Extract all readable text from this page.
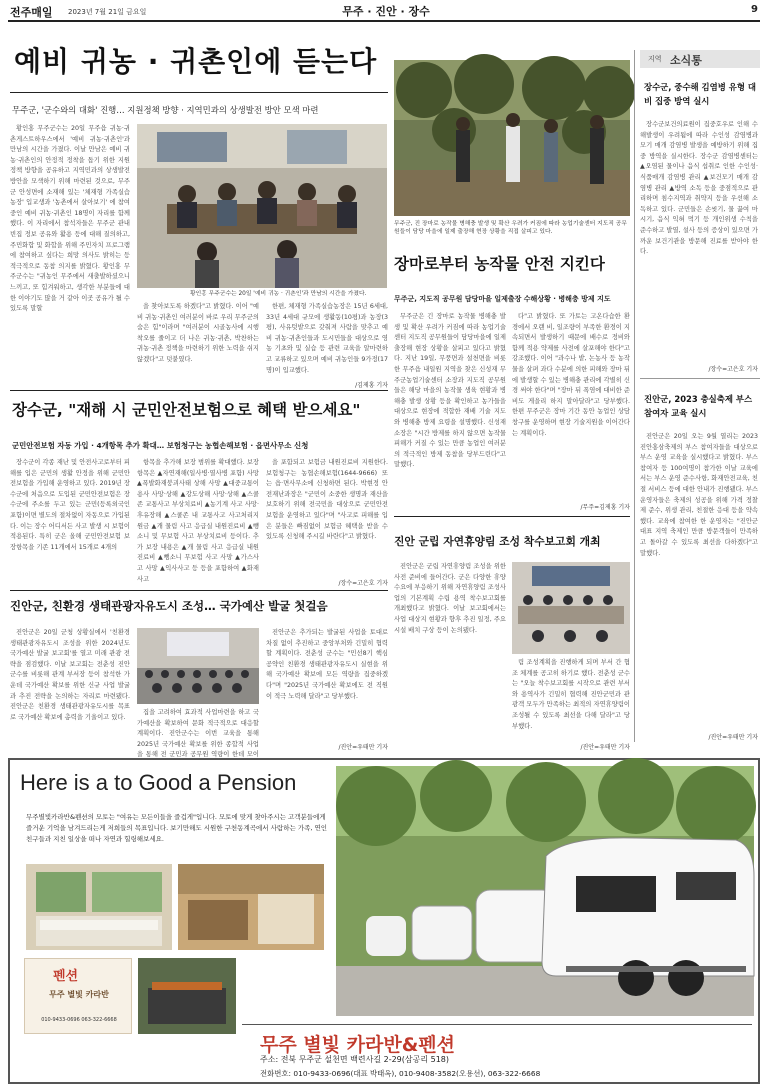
전주매일 2023년 7월 21일 금요일	무주 · 진안 · 장수	9
예비 귀농 · 귀촌인에 듣는다
무주군, '군수와의 대화' 진행… 지원정책 방향 · 지역민과의 상생발전 방안 모색 마련

황인홍 무주군수는 20일 무주읍 귀농·귀촌게스트하우스에서 '예비 귀농·귀촌인'과 만남의 시간을 가졌다. 이날 만남은 예비 귀농·귀촌인의 안정적 정착을 돕기 위한 지원정책 방향을 공유하고 지역민과의 상생발전 방안을 모색하기 위해 마련된 것으로, 무주군 안성면에 소재해 있는 '체재형 가족실습농장' 입교생과 '농촌에서 살아보기' 에 참여 중인 예비 귀농·귀촌인 18명이 자리를 함께 했다. 이 자리에서 참석자들은 무주군 관내 빈집 정보 공유와 활용 등에 대해 질의하고, 주민화합 및 화합을 위해 주민자치 프로그램에 참여하고 싶다는 희망 의사도 밝히는 등 적극적으로 동참 의지를 밝혔다. 황인홍 무주군수는 "귀농인 무주에서 새출발하셨으니 느끼고, 또 힘겨워하고, 생각한 부분들에 대한 이야기도 많을 거 같아 이곳 공유가 될 수 있도록 말할

황인홍 무주군수는 20일 '예비 귀농 · 귀촌인'과 만남의 시간을 가졌다.

을 찾아보도록 하겠다"고 밝혔다. 이어 "예비 귀농·귀촌인 여러분이 바로 우리 무주군의 숨은 힘"이라며 "여러분이 시골농사에 시행착오를 줄이고 더 나은 귀농·귀촌, 박찬하는 귀농·귀촌 정책을 마련하기 위한 노력을 쉬지 않겠다"고 덧붙였다.

한편, 체재형 가족실습농장은 15년 6세대, 33년 4세대 규모에 생활동(10평)과 농장(3평), 사유텃밭으로 갖춰져 사람을 맞추고 예비 귀농·귀촌인들과 도시민들을 대상으로 영농 기초와 및 실습 등 관련 교육을 알마련하고 교류하고 있으며 예비 귀농인들 9가정(17명)이 입교했다.

/김제홍 기자
장수군, "재해 시 군민안전보험으로 혜택 받으세요"
군민안전보험 자동 가입 · 4개항목 추가 확대… 보험청구는 농협손해보험 · 읍면사무소 신청

장수군이 각종 재난 및 안전사고로부터 피해를 입은 군민의 생활 안정을 위해 군민안전보험을 가입해 운영하고 있다. 2019년 장수군에 처음으로 도입된 군민안전보험은 장수군에 주소를 두고 있는 군민(등록외국인 포함)이면 별도의 절차없이 자동으로 가입된다. 이는 장수 어디서든 사고 발생 시 보험이 적용된다. 특히 군은 올해 군민안전보험 보장항목을 기존 11개에서 15개로 4개의

항목을 추가해 보장 범위를 확대했다. 보장항목은 ▲자연재해(일사병·열사병 포함) 사망 ▲폭발화재붕괴사태 상해 사망 ▲대중교통이용사 사망·상해 ▲강도상해 사망·상해 ▲스쿨존 교통사고 부상치료비 ▲농기계 사고 사망·후유장해 ▲스쿨존 내 교통사고 사고처리지원금 ▲개 물림 사고 응급실 내원진료비 ▲뺑소니 및 무보험 사고 부상치료비 등이다. 추가 보장 내용은 ▲개 물림 사고 응급실 내원진료비 ▲뺑소니 무보험 사고 사망 ▲가스사고 사망 ▲익사사고 등 등을 포함하여 ▲화재사고

을 포함되고 보험금 내원진료비 지원한다. 보험청구는 농협손해보험(1644-9666) 또는 읍·면사무소에 신청하면 된다. 박현정 안전재난과장은 "군민이 소중한 생명과 재산을 보호하기 위해 전국민을 대상으로 군민안전보험을 운영하고 있다"며 "사고로 피해를 입은 분들은 빠짐없이 보험금 혜택을 받을 수 있도록 신청해 주시길 바란다"고 밝혔다.

/장수=고은호 기자
진안군, 친환경 생태관광자유도시 조성… 국가예산 발굴 첫걸음

진안군은 20일 군청 상황실에서 '친환경 생태관광자유도시 조성을 위한 2024년도 국가예산 발굴 보고회'를 열고 미래 관광 전략을 점검했다. 이날 보고회는 전춘성 진안군수를 비롯해 관계 부서장 등이 참석한 가운데 국가예산 확보를 위한 신규 사업 발굴과 추진 전략을 논의하는 자리로 마련됐다. 진안군은 친환경 생태관광자유도시를 목표로 국가예산 확보에 총력을 기울이고 있다.

집을 고려하여 효과적 사업마련을 하고 국가예산을 확보하여 문화 적극적으로 대응할 계획이다. 진안군수는 이번 교육을 통해 2025년 국가예산 확보를 위한 종합적 사업을 통해 전 군민과 공무원 역량이 한데 모이

진안군은 추가되는 발굴된 사업을 토대로 차질 없이 추진하고 중앙부처와 긴밀히 협력할 계획이다. 전춘성 군수는 "민선8기 핵심 공약인 친환경 생태관광자유도시 실현을 위해 국가예산 확보에 모든 역량을 집중하겠다"며 "2025년 국가예산 확보에도 전 직원이 적극 노력해 달라"고 당부했다.

/진안=우태만 기자
무주군, 진 장마로 농작물 병해충 발생 및 확산 우려가 커짐에 따라 농업기술센터 지도직 공무원들이 담당 마을에 일제 출장해 현장 상황을 직접 살피고 있다.
장마로부터 농작물 안전 지킨다
무주군, 지도직 공무원 담당마을 일제출장 수해상황 · 병해충 방제 지도

무주군은 긴 장마로 농작물 병해충 발생 및 확산 우려가 커짐에 따라 농업기술센터 지도직 공무원들이 담당마을에 일제 출장해 현장 상황을 살피고 있다고 밝혔다. 지난 19일, 무풍면과 설천면을 비롯한 무주읍 내일원 지역을 찾은 신성재 무주군농업기술센터 소장과 지도직 공무원들은 해당 마을의 농작물 생육 현황과 병해충 발생 상황 등을 확인하고 농가들을 대상으로 현장에 적합한 재배 기술 지도와 병해충 방제 요령을 설명했다. 신성재 소장은 "시간 방제를 하지 않으면 농작물 피해가 커질 수 있는 만큼 농업인 여러분의 적극적인 방제 동참을 당부드린다"고 말했다.

다"고 밝혔다. 또 가토는 고온다습한 환경에서 오랜 비, 일조량이 부족한 환경이 지속되면서 발생하기 때문에 배수로 정비와 함께 적용 약제를 사전에 살포해야 한다"고 강조했다. 이어 "과수나 밭, 논농사 등 농작물을 살펴 과다 수분에 의한 피해와 장마 뒤에 발생할 수 있는 병해충 관리에 각별히 신경 써야 한다"며 "장마 뒤 폭염에 대비한 준비도 게을리 하지 말아달라"고 당부했다. 한편 무주군은 장마 기간 동안 농업인 상담창구를 운영하며 현장 기술지원을 이어간다는 계획이다.

/무주=김제홍 기자
진안 군립 자연휴양림 조성 착수보고회 개최

진안군은 군립 자연휴양림 조성을 위한 사전 준비에 들어간다. 군은 다양한 휴양수요에 부응하기 위해 자연휴양림 조성사업의 기본계획 수립 용역 착수보고회를 개최했다고 밝혔다. 이날 보고회에서는 사업 대상지 현황과 향후 추진 일정, 주요 시설 배치 구상 등이 논의됐다.

림 조성계획을 진행하게 되며 부서 간 협조 체계를 공고히 하기로 했다. 전춘성 군수는 "오늘 착수보고회를 시작으로 관련 부서와 용역사가 긴밀히 협력해 진안군민과 관광객 모두가 만족하는 최적의 자연휴양림이 조성될 수 있도록 최선을 다해 달라"고 당부했다.

/진안=우태만 기자
지역 소식통
장수군, 중수해 김염병 유형 대비 집중 방역 실시

장수군보건의료원이 집중호우로 인해 수해발생이 우려됨에 따라 수인성 감염병과 모기 매개 감염병 발생을 예방하기 위해 집중 방역을 실시한다. 장수군 감염병센터는 ▲오염된 물이나 음식 섭취로 인한 수인성·식품매개 감염병 관리 ▲보건모기 매개 감염병 관리 ▲방역 소독 등을 중점적으로 관리하며 침수지역과 취약지 등을 우선해 소독하고 있다. 군민들은 손씻기, 물 끓여 마시기, 음식 익혀 먹기 등 개인위생 수칙을 준수하고 발열, 설사 등의 증상이 있으면 가까운 보건기관을 방문해 진료를 받아야 한다.

/장수=고은호 기자
진안군, 2023 충실축제 부스 참여자 교육 실시

진안군은 20일 오는 9월 열리는 2023 진안홍삼축제의 부스 참여자들을 대상으로 부스 운영 교육을 실시했다고 밝혔다. 부스 참여자 등 100여명이 참가한 이날 교육에서는 부스 운영 준수사항, 화재안전교육, 친절 서비스 등에 대한 안내가 진행됐다. 부스 운영자들은 축제의 성공을 위해 가격 정찰제 준수, 위생 관리, 친절한 응대 등을 약속했다. 교육에 참여한 한 운영자는 "진안군 대표 지역 축제인 만큼 방문객들이 만족하고 돌아갈 수 있도록 최선을 다하겠다"고 말했다.

/진안=우태만 기자
Here is a to Good a Pension
무주별빛카라반&펜션의 모토는 "여유는 모든이들을 즐겁게"입니다. 모토에 맞게 찾아주시는 고객분들에게 즐거운 기억을 남겨드리는게 저희들의 목표입니다. 보기만해도 시원한 구천동계곡에서 사람하는 가족, 연인 친구들과 지친 일상을 떠나 자연과 힐링해보세요.
펜션
무주 별빛 카라반
010-9433-0696 063-322-6668
무주 별빛 카라반&펜션
주소: 전북 무주군 설천면 백련사길 2-29(삼공리 518)
전화번호: 010-9433-0696(대표 박태옥), 010-9408-3582(오용선), 063-322-6668
